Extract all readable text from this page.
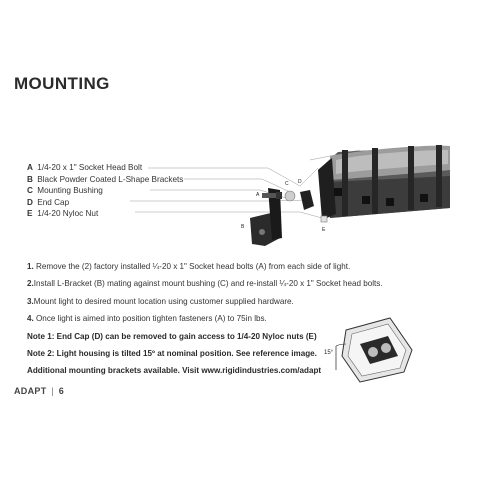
MOUNTING
A
B
C D
E
15°
A 1/4-20 x 1" Socket Head Bolt
B Black Powder Coated L-Shape Brackets
C Mounting Bushing
D End Cap
E 1/4-20 Nyloc Nut
1. Remove the (2) factory installed ¼-20 x 1" Socket head bolts (A) from each side of light.
2.Install L-Bracket (B) mating against mount bushing (C) and re-install ¼-20 x 1" Socket head bolts.
3.Mount light to desired mount location using customer supplied hardware.
4. Once light is aimed into position tighten fasteners (A) to 75in lbs.
Note 1: End Cap (D) can be removed to gain access to 1/4-20 Nyloc nuts (E)
Note 2: Light housing is tilted 15º at nominal position. See reference image.
Additional mounting brackets available. Visit www.rigidindustries.com/adapt
ADAPT | 6
